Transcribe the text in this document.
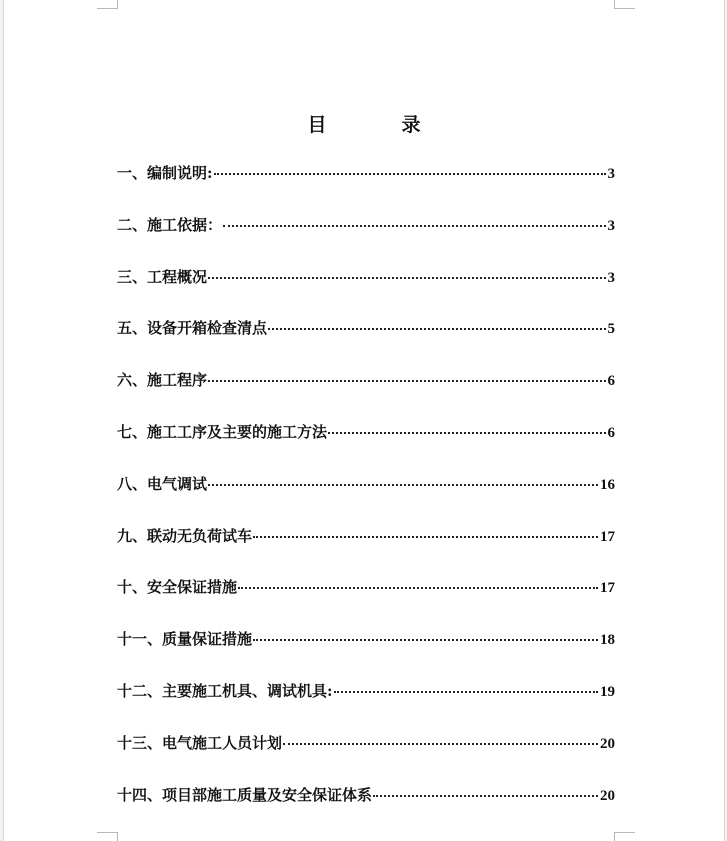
目　录
一、编制说明:	3
二、施工依据：	3
三、工程概况	3
五、设备开箱检查清点	5
六、施工程序	6
七、施工工序及主要的施工方法	6
八、电气调试	16
九、联动无负荷试车	17
十、安全保证措施	17
十一、质量保证措施	18
十二、主要施工机具、调试机具:	19
十三、电气施工人员计划	20
十四、项目部施工质量及安全保证体系	20
